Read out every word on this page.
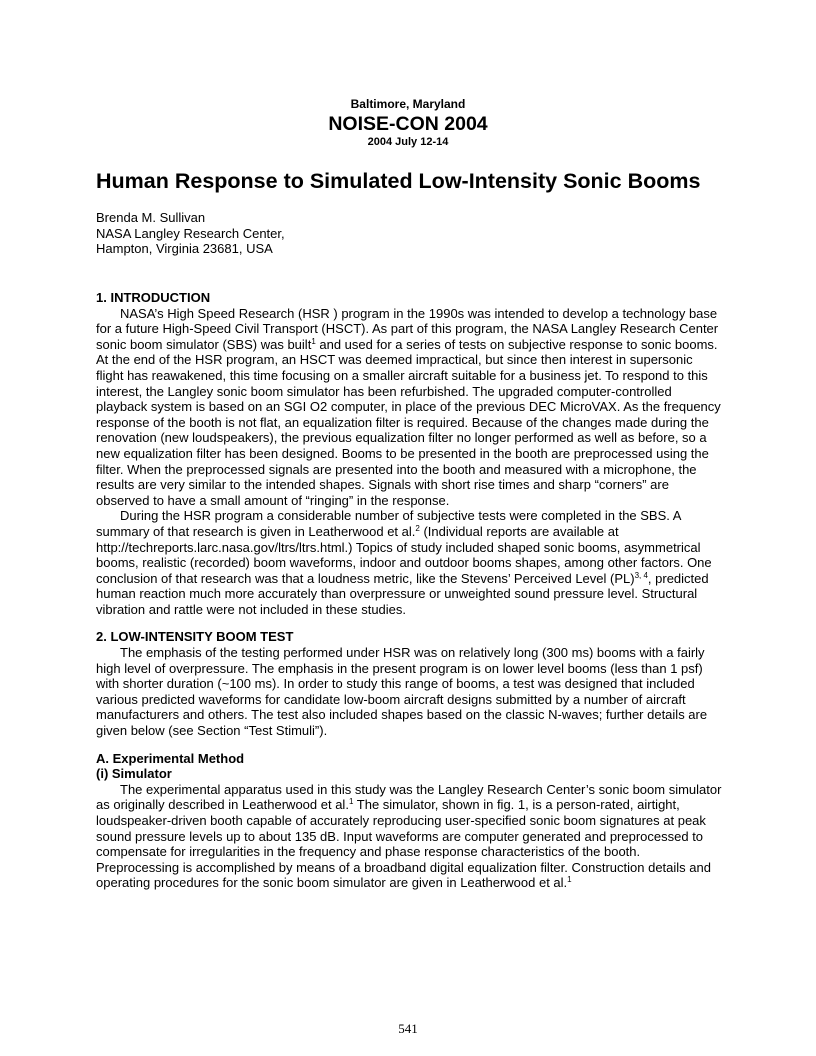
Baltimore, Maryland
NOISE-CON 2004
2004 July 12-14
Human Response to Simulated Low-Intensity Sonic Booms
Brenda M. Sullivan
NASA Langley Research Center,
Hampton, Virginia 23681, USA
1. INTRODUCTION
NASA’s High Speed Research (HSR ) program in the 1990s was intended to develop a technology base for a future High-Speed Civil Transport (HSCT). As part of this program, the NASA Langley Research Center sonic boom simulator (SBS) was built$^1$ and used for a series of tests on subjective response to sonic booms. At the end of the HSR program, an HSCT was deemed impractical, but since then interest in supersonic flight has reawakened, this time focusing on a smaller aircraft suitable for a business jet. To respond to this interest, the Langley sonic boom simulator has been refurbished. The upgraded computer-controlled playback system is based on an SGI O2 computer, in place of the previous DEC MicroVAX. As the frequency response of the booth is not flat, an equalization filter is required. Because of the changes made during the renovation (new loudspeakers), the previous equalization filter no longer performed as well as before, so a new equalization filter has been designed. Booms to be presented in the booth are preprocessed using the filter. When the preprocessed signals are presented into the booth and measured with a microphone, the results are very similar to the intended shapes. Signals with short rise times and sharp “corners” are observed to have a small amount of “ringing” in the response.
During the HSR program a considerable number of subjective tests were completed in the SBS. A summary of that research is given in Leatherwood et al.$^2$ (Individual reports are available at http://techreports.larc.nasa.gov/ltrs/ltrs.html.) Topics of study included shaped sonic booms, asymmetrical booms, realistic (recorded) boom waveforms, indoor and outdoor booms shapes, among other factors. One conclusion of that research was that a loudness metric, like the Stevens’ Perceived Level (PL)$^{3, 4}$, predicted human reaction much more accurately than overpressure or unweighted sound pressure level. Structural vibration and rattle were not included in these studies.
2. LOW-INTENSITY BOOM TEST
The emphasis of the testing performed under HSR was on relatively long (300 ms) booms with a fairly high level of overpressure. The emphasis in the present program is on lower level booms (less than 1 psf) with shorter duration (~100 ms). In order to study this range of booms, a test was designed that included various predicted waveforms for candidate low-boom aircraft designs submitted by a number of aircraft manufacturers and others. The test also included shapes based on the classic N-waves; further details are given below (see Section “Test Stimuli”).
A. Experimental Method
(i) Simulator
The experimental apparatus used in this study was the Langley Research Center’s sonic boom simulator as originally described in Leatherwood et al.$^1$ The simulator, shown in fig. 1, is a person-rated, airtight, loudspeaker-driven booth capable of accurately reproducing user-specified sonic boom signatures at peak sound pressure levels up to about 135 dB. Input waveforms are computer generated and preprocessed to compensate for irregularities in the frequency and phase response characteristics of the booth. Preprocessing is accomplished by means of a broadband digital equalization filter. Construction details and operating procedures for the sonic boom simulator are given in Leatherwood et al.$^1$
541
